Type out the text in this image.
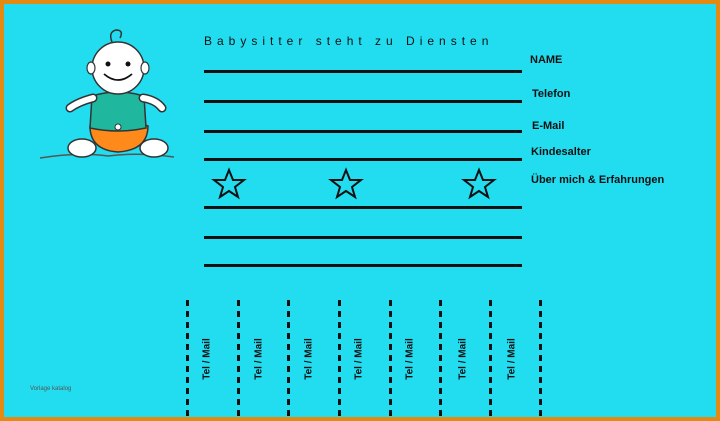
Babysitter steht zu Diensten
NAME
Telefon
E-Mail
Kindesalter
Über mich & Erfahrungen
Tel / Mail	Tel / Mail	Tel / Mail	Tel / Mail	Tel / Mail	Tel / Mail	Tel / Mail
Vorlage katalog
